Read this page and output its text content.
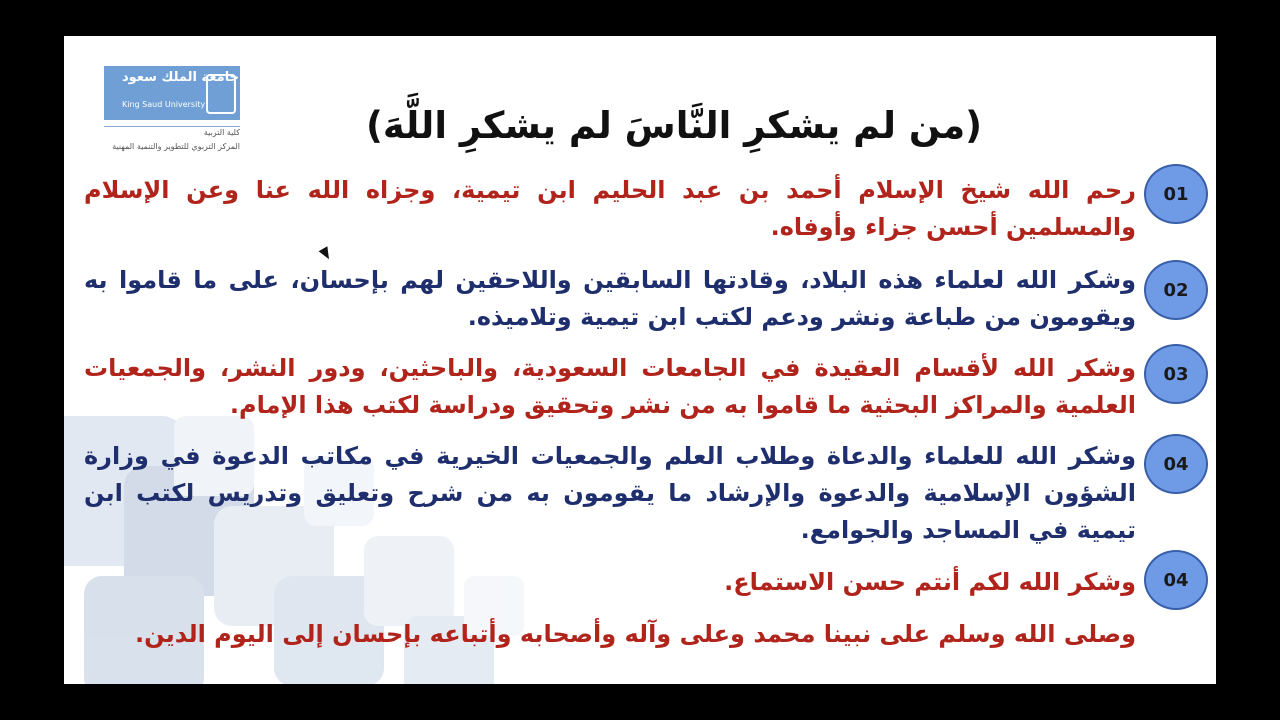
جامعة الملك سعود
King Saud University
كلية التربية
المركز التربوي للتطوير والتنمية المهنية	(من لم يشكرِ النَّاسَ لم يشكرِ اللَّهَ)
01
رحم الله شيخ الإسلام أحمد بن عبد الحليم ابن تيمية، وجزاه الله عنا وعن الإسلام والمسلمين أحسن جزاء وأوفاه.
02
وشكر الله لعلماء هذه البلاد، وقادتها السابقين واللاحقين لهم بإحسان، على ما قاموا به ويقومون من طباعة ونشر ودعم لكتب ابن تيمية وتلاميذه.
03
وشكر الله لأقسام العقيدة في الجامعات السعودية، والباحثين، ودور النشر، والجمعيات العلمية والمراكز البحثية ما قاموا به من نشر وتحقيق ودراسة لكتب هذا الإمام.
04
وشكر الله للعلماء والدعاة وطلاب العلم والجمعيات الخيرية في مكاتب الدعوة في وزارة الشؤون الإسلامية والدعوة والإرشاد ما يقومون به من شرح وتعليق وتدريس لكتب ابن تيمية في المساجد والجوامع.
04
وشكر الله لكم أنتم حسن الاستماع.
وصلى الله وسلم على نبينا محمد وعلى وآله وأصحابه وأتباعه بإحسان إلى اليوم الدين.
zoom
